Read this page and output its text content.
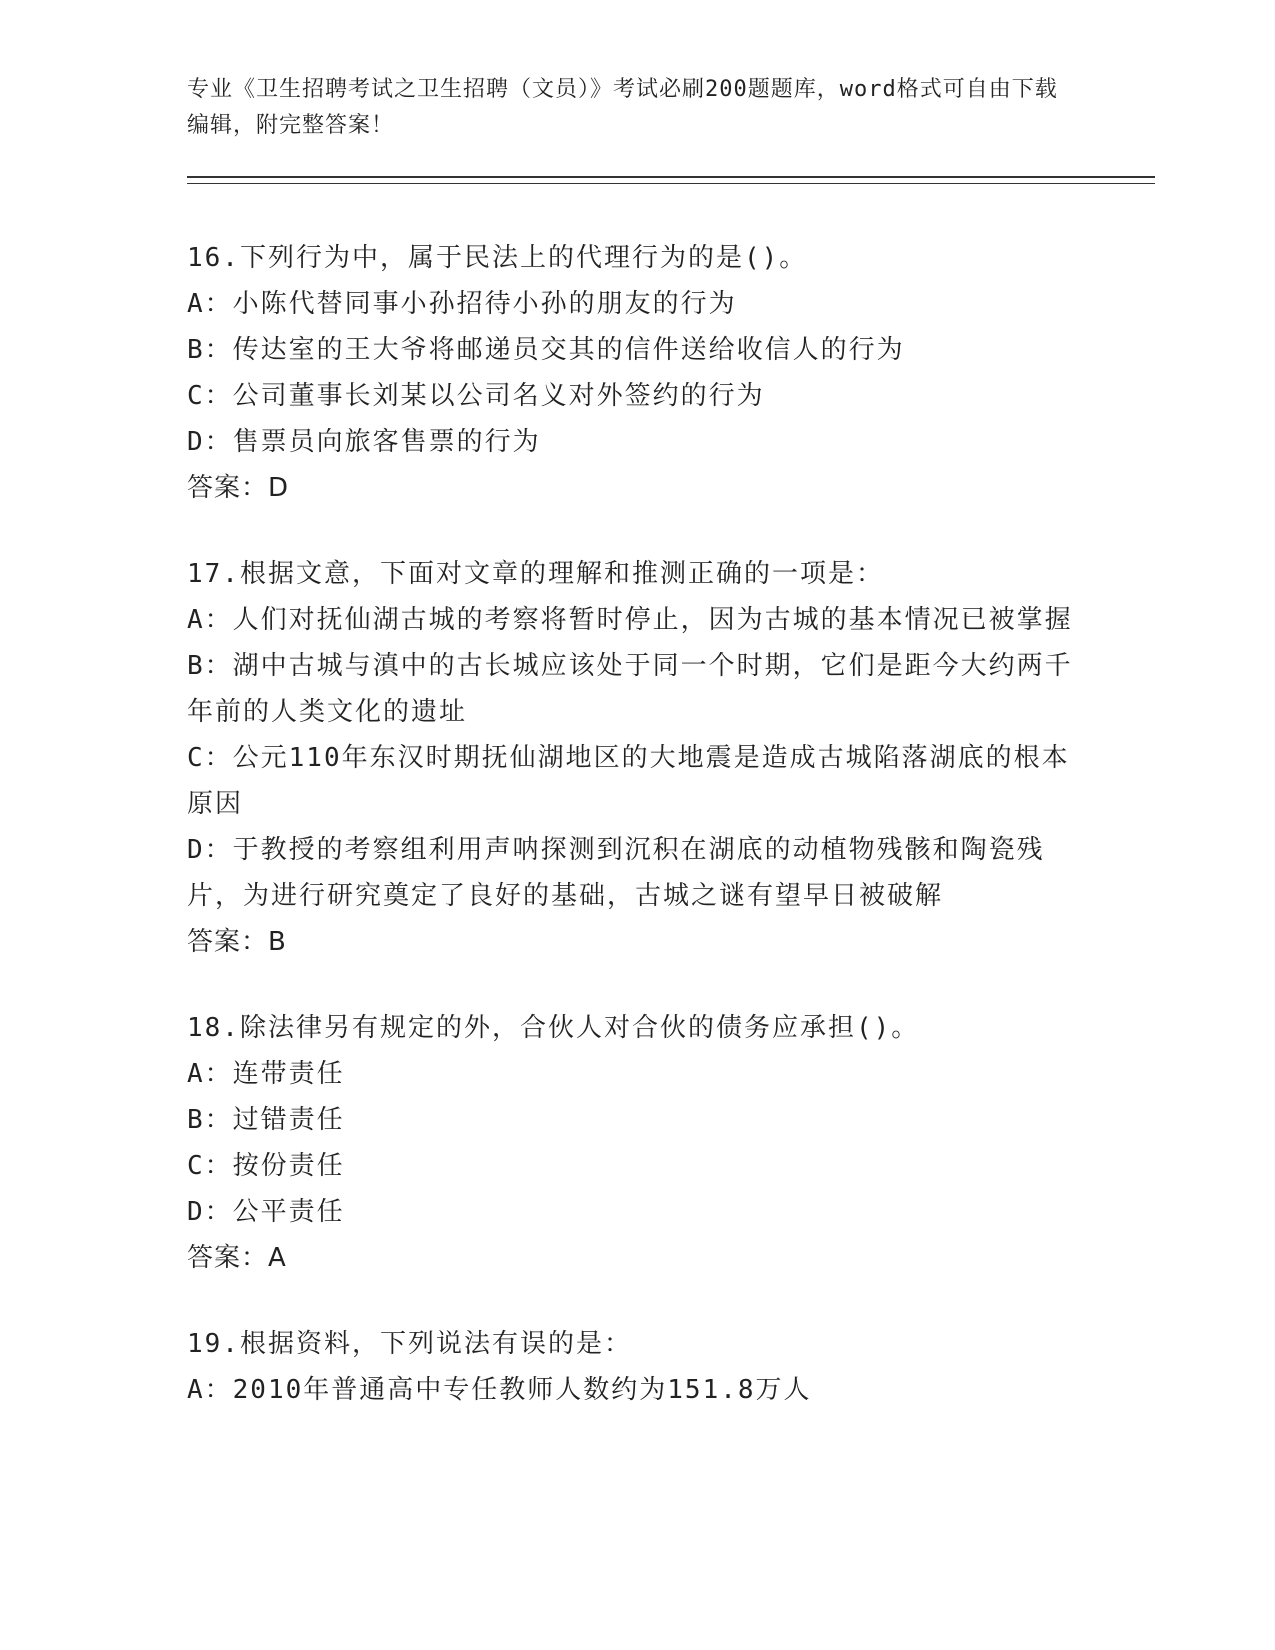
专业《卫生招聘考试之卫生招聘（文员）》考试必刷200题题库，word格式可自由下载编辑，附完整答案！
16.下列行为中，属于民法上的代理行为的是()。
A：小陈代替同事小孙招待小孙的朋友的行为
B：传达室的王大爷将邮递员交其的信件送给收信人的行为
C：公司董事长刘某以公司名义对外签约的行为
D：售票员向旅客售票的行为
答案：D
17.根据文意，下面对文章的理解和推测正确的一项是：
A：人们对抚仙湖古城的考察将暂时停止，因为古城的基本情况已被掌握
B：湖中古城与滇中的古长城应该处于同一个时期，它们是距今大约两千年前的人类文化的遗址
C：公元110年东汉时期抚仙湖地区的大地震是造成古城陷落湖底的根本原因
D：于教授的考察组利用声呐探测到沉积在湖底的动植物残骸和陶瓷残片，为进行研究奠定了良好的基础，古城之谜有望早日被破解
答案：B
18.除法律另有规定的外，合伙人对合伙的债务应承担()。
A：连带责任
B：过错责任
C：按份责任
D：公平责任
答案：A
19.根据资料，下列说法有误的是：
A：2010年普通高中专任教师人数约为151.8万人
